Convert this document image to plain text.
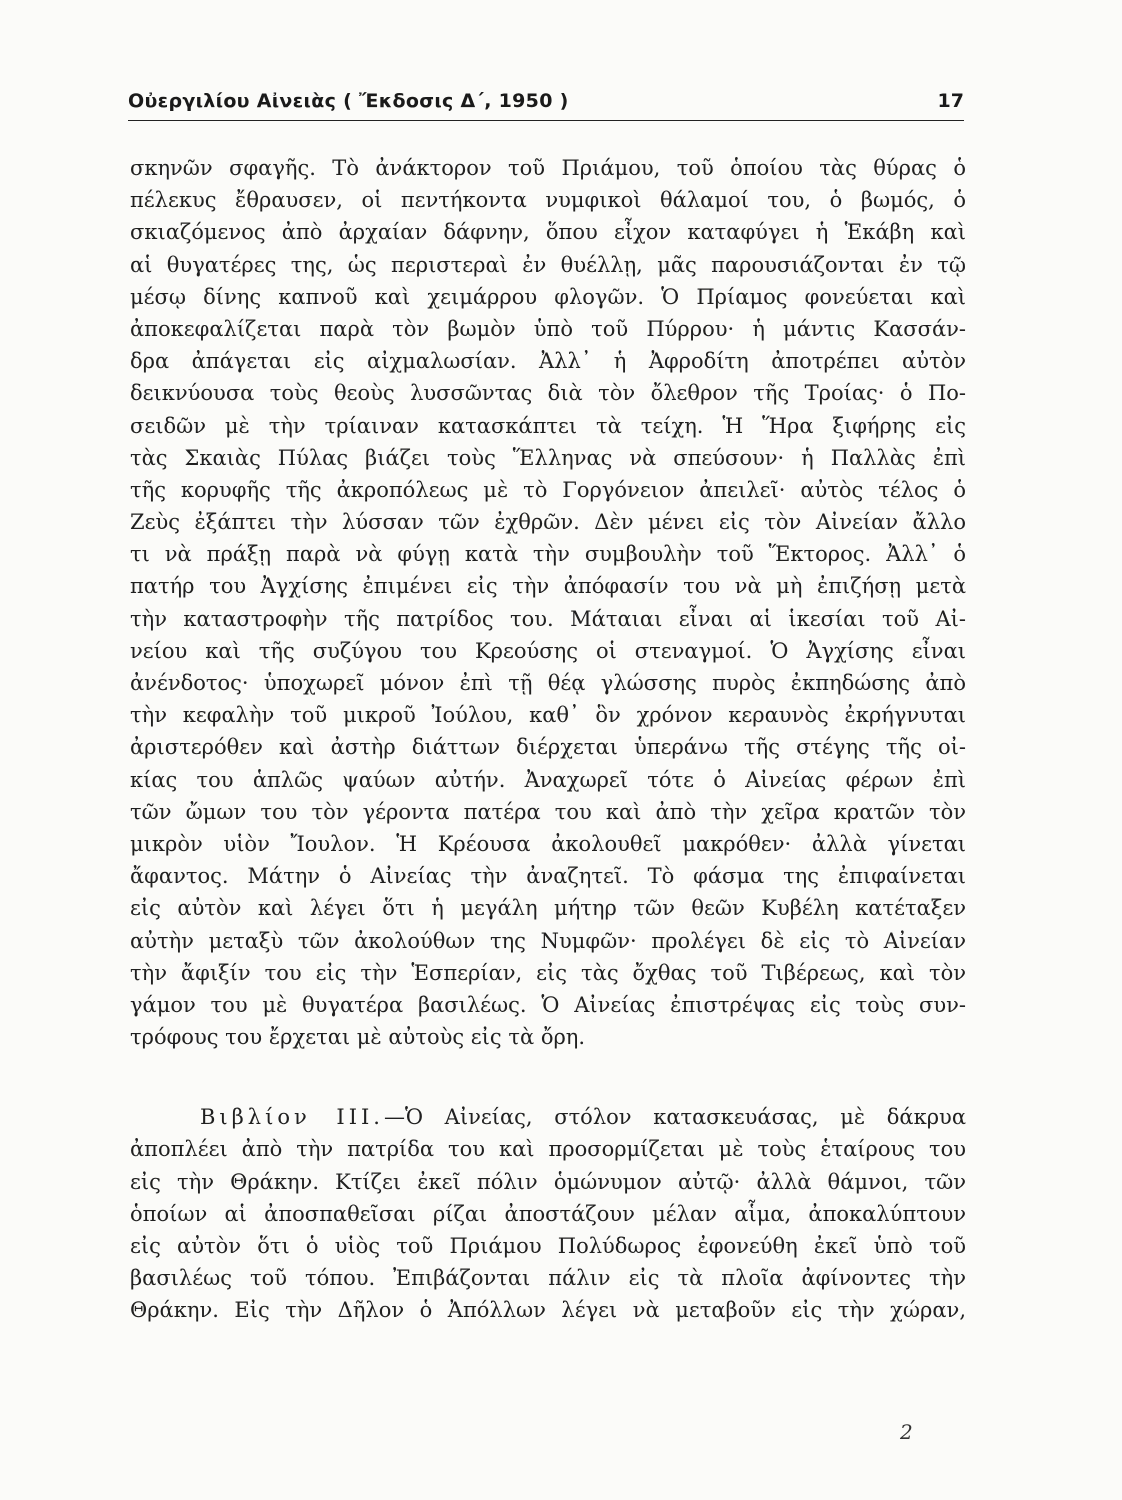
Οὐεργιλίου Αἰνειὰς ( Ἔκδοσις Δ΄, 1950 )	17
σκηνῶν σφαγῆς. Τὸ ἀνάκτορον τοῦ Πριάμου, τοῦ ὁποίου τὰς θύρας ὁ
πέλεκυς ἔθραυσεν, οἱ πεντήκοντα νυμφικοὶ θάλαμοί του, ὁ βωμός, ὁ
σκιαζόμενος ἀπὸ ἀρχαίαν δάφνην, ὅπου εἶχον καταφύγει ἡ Ἑκάβη καὶ
αἱ θυγατέρες της, ὡς περιστεραὶ ἐν θυέλλῃ, μᾶς παρουσιάζονται ἐν τῷ
μέσῳ δίνης καπνοῦ καὶ χειμάρρου φλογῶν. Ὁ Πρίαμος φονεύεται καὶ
ἀποκεφαλίζεται παρὰ τὸν βωμὸν ὑπὸ τοῦ Πύρρου· ἡ μάντις Κασσάν-
δρα ἀπάγεται εἰς αἰχμαλωσίαν. Ἀλλ᾿ ἡ Ἀφροδίτη ἀποτρέπει αὐτὸν
δεικνύουσα τοὺς θεοὺς λυσσῶντας διὰ τὸν ὄλεθρον τῆς Τροίας· ὁ Πο-
σειδῶν μὲ τὴν τρίαιναν κατασκάπτει τὰ τείχη. Ἡ Ἥρα ξιφήρης εἰς
τὰς Σκαιὰς Πύλας βιάζει τοὺς Ἕλληνας νὰ σπεύσουν· ἡ Παλλὰς ἐπὶ
τῆς κορυφῆς τῆς ἀκροπόλεως μὲ τὸ Γοργόνειον ἀπειλεῖ· αὐτὸς τέλος ὁ
Ζεὺς ἐξάπτει τὴν λύσσαν τῶν ἐχθρῶν. Δὲν μένει εἰς τὸν Αἰνείαν ἄλλο
τι νὰ πράξῃ παρὰ νὰ φύγῃ κατὰ τὴν συμβουλὴν τοῦ Ἕκτορος. Ἀλλ᾿ ὁ
πατήρ του Ἀγχίσης ἐπιμένει εἰς τὴν ἀπόφασίν του νὰ μὴ ἐπιζήσῃ μετὰ
τὴν καταστροφὴν τῆς πατρίδος του. Μάταιαι εἶναι αἱ ἱκεσίαι τοῦ Αἰ-
νείου καὶ τῆς συζύγου του Κρεούσης οἱ στεναγμοί. Ὁ Ἀγχίσης εἶναι
ἀνένδοτος· ὑποχωρεῖ μόνον ἐπὶ τῇ θέᾳ γλώσσης πυρὸς ἐκπηδώσης ἀπὸ
τὴν κεφαλὴν τοῦ μικροῦ Ἰούλου, καθ᾿ ὃν χρόνον κεραυνὸς ἐκρήγνυται
ἀριστερόθεν καὶ ἀστὴρ διάττων διέρχεται ὑπεράνω τῆς στέγης τῆς οἰ-
κίας του ἁπλῶς ψαύων αὐτήν. Ἀναχωρεῖ τότε ὁ Αἰνείας φέρων ἐπὶ
τῶν ὤμων του τὸν γέροντα πατέρα του καὶ ἀπὸ τὴν χεῖρα κρατῶν τὸν
μικρὸν υἱὸν Ἴουλον. Ἡ Κρέουσα ἀκολουθεῖ μακρόθεν· ἀλλὰ γίνεται
ἄφαντος. Μάτην ὁ Αἰνείας τὴν ἀναζητεῖ. Τὸ φάσμα της ἐπιφαίνεται
εἰς αὐτὸν καὶ λέγει ὅτι ἡ μεγάλη μήτηρ τῶν θεῶν Κυβέλη κατέταξεν
αὐτὴν μεταξὺ τῶν ἀκολούθων της Νυμφῶν· προλέγει δὲ εἰς τὸ Αἰνείαν
τὴν ἄφιξίν του εἰς τὴν Ἑσπερίαν, εἰς τὰς ὄχθας τοῦ Τιβέρεως, καὶ τὸν
γάμον του μὲ θυγατέρα βασιλέως. Ὁ Αἰνείας ἐπιστρέψας εἰς τοὺς συν-
τρόφους του ἔρχεται μὲ αὐτοὺς εἰς τὰ ὄρη.
Βιβλίον III.—Ὁ Αἰνείας, στόλον κατασκευάσας, μὲ δάκρυα
ἀποπλέει ἀπὸ τὴν πατρίδα του καὶ προσορμίζεται μὲ τοὺς ἑταίρους του
εἰς τὴν Θράκην. Κτίζει ἐκεῖ πόλιν ὁμώνυμον αὐτῷ· ἀλλὰ θάμνοι, τῶν
ὁποίων αἱ ἀποσπαθεῖσαι ρίζαι ἀποστάζουν μέλαν αἷμα, ἀποκαλύπτουν
εἰς αὐτὸν ὅτι ὁ υἱὸς τοῦ Πριάμου Πολύδωρος ἐφονεύθη ἐκεῖ ὑπὸ τοῦ
βασιλέως τοῦ τόπου. Ἐπιβάζονται πάλιν εἰς τὰ πλοῖα ἀφίνοντες τὴν
Θράκην. Εἰς τὴν Δῆλον ὁ Ἀπόλλων λέγει νὰ μεταβοῦν εἰς τὴν χώραν,
2
